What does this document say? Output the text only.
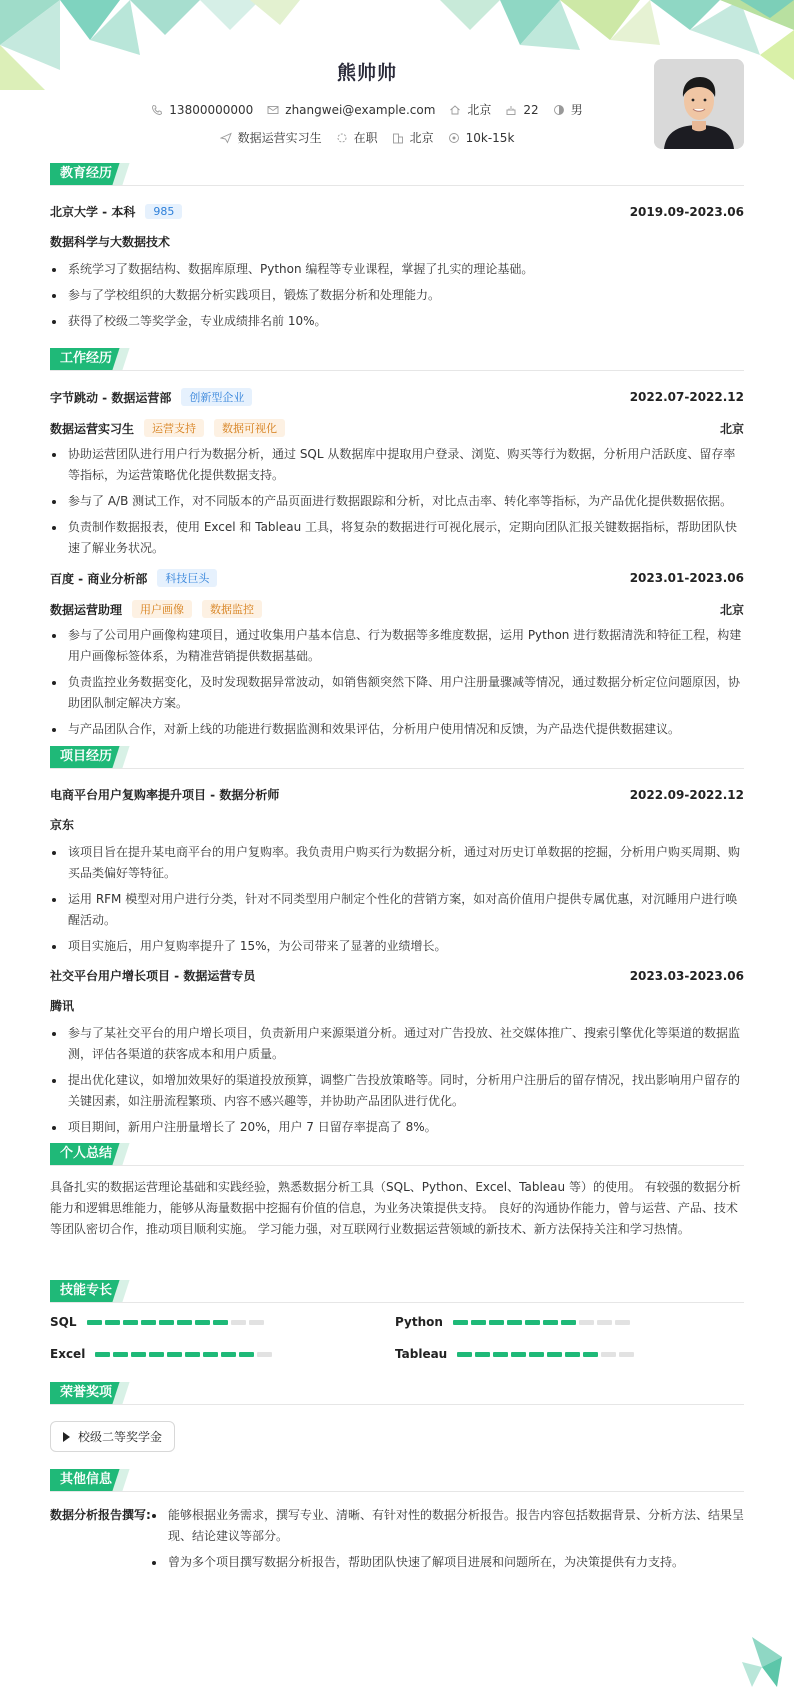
熊帅帅
13800000000	zhangwei@example.com	北京	22	男
数据运营实习生	在职	北京	10k-15k
教育经历
北京大学 - 本科	985	2019.09-2023.06
数据科学与大数据技术
系统学习了数据结构、数据库原理、Python 编程等专业课程，掌握了扎实的理论基础。
参与了学校组织的大数据分析实践项目，锻炼了数据分析和处理能力。
获得了校级二等奖学金，专业成绩排名前 10%。
工作经历
字节跳动 - 数据运营部	创新型企业	2022.07-2022.12
数据运营实习生	运营支持	数据可视化	北京
协助运营团队进行用户行为数据分析，通过 SQL 从数据库中提取用户登录、浏览、购买等行为数据，分析用户活跃度、留存率等指标，为运营策略优化提供数据支持。
参与了 A/B 测试工作，对不同版本的产品页面进行数据跟踪和分析，对比点击率、转化率等指标，为产品优化提供数据依据。
负责制作数据报表，使用 Excel 和 Tableau 工具，将复杂的数据进行可视化展示，定期向团队汇报关键数据指标，帮助团队快速了解业务状况。
百度 - 商业分析部	科技巨头	2023.01-2023.06
数据运营助理	用户画像	数据监控	北京
参与了公司用户画像构建项目，通过收集用户基本信息、行为数据等多维度数据，运用 Python 进行数据清洗和特征工程，构建用户画像标签体系，为精准营销提供数据基础。
负责监控业务数据变化，及时发现数据异常波动，如销售额突然下降、用户注册量骤减等情况，通过数据分析定位问题原因，协助团队制定解决方案。
与产品团队合作，对新上线的功能进行数据监测和效果评估，分析用户使用情况和反馈，为产品迭代提供数据建议。
项目经历
电商平台用户复购率提升项目 - 数据分析师	2022.09-2022.12
京东
该项目旨在提升某电商平台的用户复购率。我负责用户购买行为数据分析，通过对历史订单数据的挖掘，分析用户购买周期、购买品类偏好等特征。
运用 RFM 模型对用户进行分类，针对不同类型用户制定个性化的营销方案，如对高价值用户提供专属优惠，对沉睡用户进行唤醒活动。
项目实施后，用户复购率提升了 15%，为公司带来了显著的业绩增长。
社交平台用户增长项目 - 数据运营专员	2023.03-2023.06
腾讯
参与了某社交平台的用户增长项目，负责新用户来源渠道分析。通过对广告投放、社交媒体推广、搜索引擎优化等渠道的数据监测，评估各渠道的获客成本和用户质量。
提出优化建议，如增加效果好的渠道投放预算，调整广告投放策略等。同时，分析用户注册后的留存情况，找出影响用户留存的关键因素，如注册流程繁琐、内容不感兴趣等，并协助产品团队进行优化。
项目期间，新用户注册量增长了 20%，用户 7 日留存率提高了 8%。
个人总结
具备扎实的数据运营理论基础和实践经验，熟悉数据分析工具（SQL、Python、Excel、Tableau 等）的使用。 有较强的数据分析能力和逻辑思维能力，能够从海量数据中挖掘有价值的信息，为业务决策提供支持。 良好的沟通协作能力，曾与运营、产品、技术等团队密切合作，推动项目顺利实施。 学习能力强，对互联网行业数据运营领域的新技术、新方法保持关注和学习热情。
技能专长
SQL	Python
Excel	Tableau
荣誉奖项
校级二等奖学金
其他信息
数据分析报告撰写: 能够根据业务需求，撰写专业、清晰、有针对性的数据分析报告。报告内容包括数据背景、分析方法、结果呈现、结论建议等部分。
曾为多个项目撰写数据分析报告，帮助团队快速了解项目进展和问题所在，为决策提供有力支持。
